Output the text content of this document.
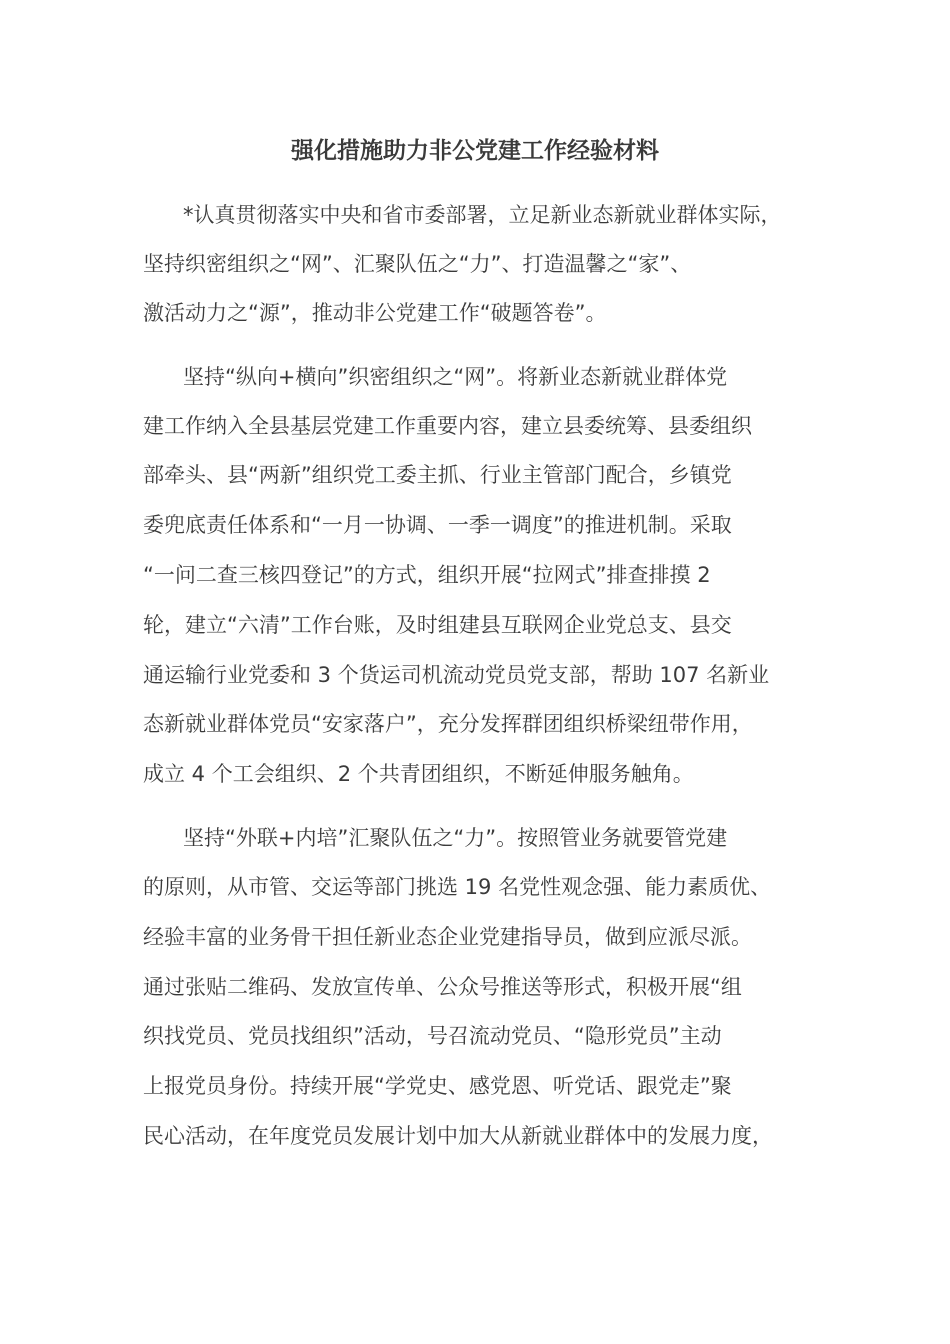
强化措施助力非公党建工作经验材料
*认真贯彻落实中央和省市委部署，立足新业态新就业群体实际，
坚持织密组织之“网”、汇聚队伍之“力”、打造温馨之“家”、
激活动力之“源”，推动非公党建工作“破题答卷”。
坚持“纵向+横向”织密组织之“网”。将新业态新就业群体党
建工作纳入全县基层党建工作重要内容，建立县委统筹、县委组织
部牵头、县“两新”组织党工委主抓、行业主管部门配合，乡镇党
委兜底责任体系和“一月一协调、一季一调度”的推进机制。采取
“一问二查三核四登记”的方式，组织开展“拉网式”排查排摸 2
轮，建立“六清”工作台账，及时组建县互联网企业党总支、县交
通运输行业党委和 3 个货运司机流动党员党支部，帮助 107 名新业
态新就业群体党员“安家落户”，充分发挥群团组织桥梁纽带作用，
成立 4 个工会组织、2 个共青团组织，不断延伸服务触角。
坚持“外联+内培”汇聚队伍之“力”。按照管业务就要管党建
的原则，从市管、交运等部门挑选 19 名党性观念强、能力素质优、
经验丰富的业务骨干担任新业态企业党建指导员，做到应派尽派。
通过张贴二维码、发放宣传单、公众号推送等形式，积极开展“组
织找党员、党员找组织”活动，号召流动党员、“隐形党员”主动
上报党员身份。持续开展“学党史、感党恩、听党话、跟党走”聚
民心活动，在年度党员发展计划中加大从新就业群体中的发展力度，
